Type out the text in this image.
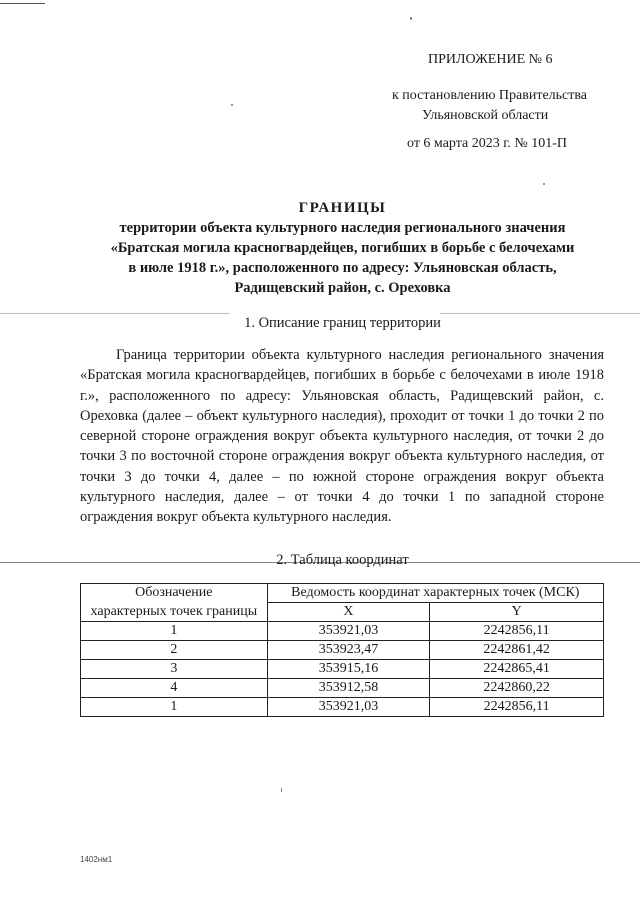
ПРИЛОЖЕНИЕ № 6
к постановлению Правительства
Ульяновской области
от 6 марта 2023 г. № 101-П
ГРАНИЦЫ
территории объекта культурного наследия регионального значения
«Братская могила красногвардейцев, погибших в борьбе с белочехами
в июле 1918 г.», расположенного по адресу: Ульяновская область,
Радищевский район, с. Ореховка
1. Описание границ территории
Граница территории объекта культурного наследия регионального значения «Братская могила красногвардейцев, погибших в борьбе с белочехами в июле 1918 г.», расположенного по адресу: Ульяновская область, Радищевский район, с. Ореховка (далее – объект культурного наследия), проходит от точки 1 до точки 2 по северной стороне ограждения вокруг объекта культурного наследия, от точки 2 до точки 3 по восточной стороне ограждения вокруг объекта культурного наследия, от точки 3 до точки 4, далее – по южной стороне ограждения вокруг объекта культурного наследия, далее – от точки 4 до точки 1 по западной стороне ограждения вокруг объекта культурного наследия.
2. Таблица координат
Обозначение	Ведомость координат характерных точек (МСК)	
характерных точек границы	X	Y
1	353921,03	2242856,11
2	353923,47	2242861,42
3	353915,16	2242865,41
4	353912,58	2242860,22
1	353921,03	2242856,11
1402нм1
